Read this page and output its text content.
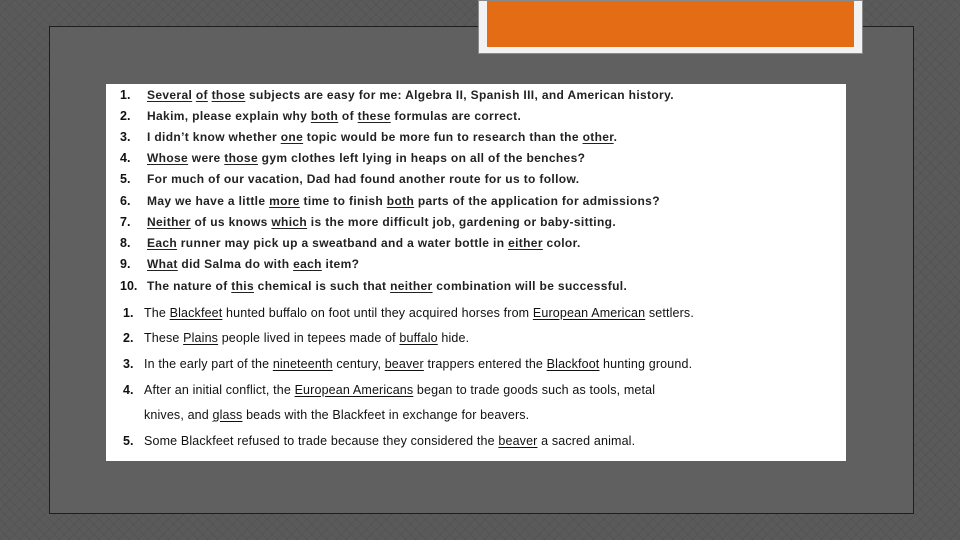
1. Several of those subjects are easy for me: Algebra II, Spanish III, and American history.
2. Hakim, please explain why both of these formulas are correct.
3. I didn’t know whether one topic would be more fun to research than the other.
4. Whose were those gym clothes left lying in heaps on all of the benches?
5. For much of our vacation, Dad had found another route for us to follow.
6. May we have a little more time to finish both parts of the application for admissions?
7. Neither of us knows which is the more difficult job, gardening or baby-sitting.
8. Each runner may pick up a sweatband and a water bottle in either color.
9. What did Salma do with each item?
10. The nature of this chemical is such that neither combination will be successful.
1. The Blackfeet hunted buffalo on foot until they acquired horses from European American settlers.
2. These Plains people lived in tepees made of buffalo hide.
3. In the early part of the nineteenth century, beaver trappers entered the Blackfoot hunting ground.
4. After an initial conflict, the European Americans began to trade goods such as tools, metal
knives, and glass beads with the Blackfeet in exchange for beavers.
5. Some Blackfeet refused to trade because they considered the beaver a sacred animal.
